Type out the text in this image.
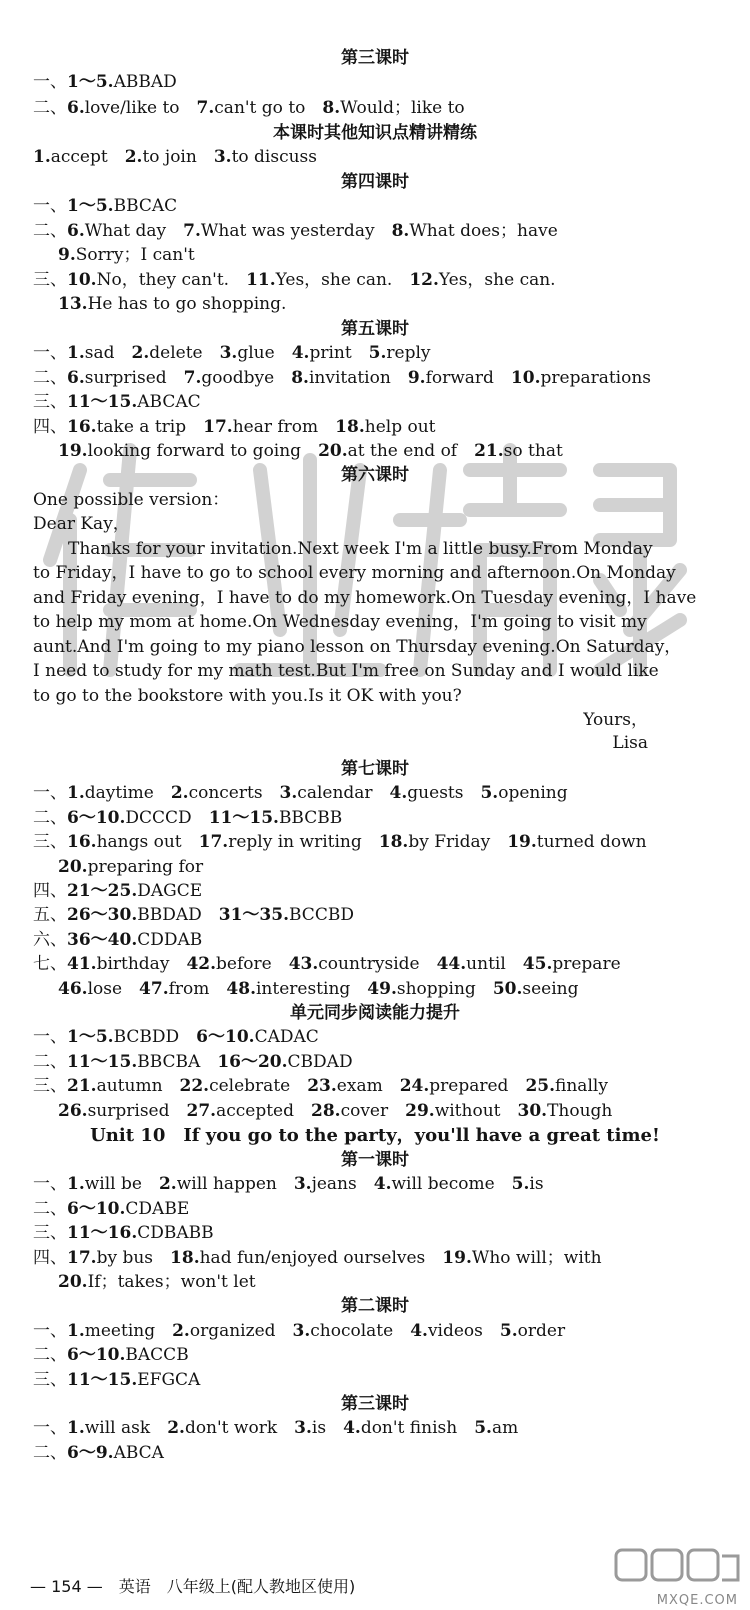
第三课时
一、1～5.ABBAD
二、6.love/like to　7.can't go to　8.Would；like to
本课时其他知识点精讲精练
1.accept　2.to join　3.to discuss
第四课时
一、1～5.BBCAC
二、6.What day　7.What was yesterday　8.What does；have
9.Sorry；I can't
三、10.No，they can't.　11.Yes，she can.　12.Yes，she can.
13.He has to go shopping.
第五课时
一、1.sad　2.delete　3.glue　4.print　5.reply
二、6.surprised　7.goodbye　8.invitation　9.forward　10.preparations
三、11～15.ABCAC
四、16.take a trip　17.hear from　18.help out
19.looking forward to going　20.at the end of　21.so that
第六课时
One possible version：
Dear Kay，
Thanks for your invitation.Next week I'm a little busy.From Monday
to Friday，I have to go to school every morning and afternoon.On Monday
and Friday evening，I have to do my homework.On Tuesday evening，I have
to help my mom at home.On Wednesday evening，I'm going to visit my
aunt.And I'm going to my piano lesson on Thursday evening.On Saturday，
I need to study for my math test.But I'm free on Sunday and I would like
to go to the bookstore with you.Is it OK with you?
Yours，
Lisa
第七课时
一、1.daytime　2.concerts　3.calendar　4.guests　5.opening
二、6～10.DCCCD　11～15.BBCBB
三、16.hangs out　17.reply in writing　18.by Friday　19.turned down
20.preparing for
四、21～25.DAGCE
五、26～30.BBDAD　31～35.BCCBD
六、36～40.CDDAB
七、41.birthday　42.before　43.countryside　44.until　45.prepare
46.lose　47.from　48.interesting　49.shopping　50.seeing
单元同步阅读能力提升
一、1～5.BCBDD　6～10.CADAC
二、11～15.BBCBA　16～20.CBDAD
三、21.autumn　22.celebrate　23.exam　24.prepared　25.finally
26.surprised　27.accepted　28.cover　29.without　30.Though
Unit 10　If you go to the party，you'll have a great time!
第一课时
一、1.will be　2.will happen　3.jeans　4.will become　5.is
二、6～10.CDABE
三、11～16.CDBABB
四、17.by bus　18.had fun/enjoyed ourselves　19.Who will；with
20.If；takes；won't let
第二课时
一、1.meeting　2.organized　3.chocolate　4.videos　5.order
二、6～10.BACCB
三、11～15.EFGCA
第三课时
一、1.will ask　2.don't work　3.is　4.don't finish　5.am
二、6～9.ABCA
— 154 —　英语　八年级上(配人教地区使用)
MXQE.COM
